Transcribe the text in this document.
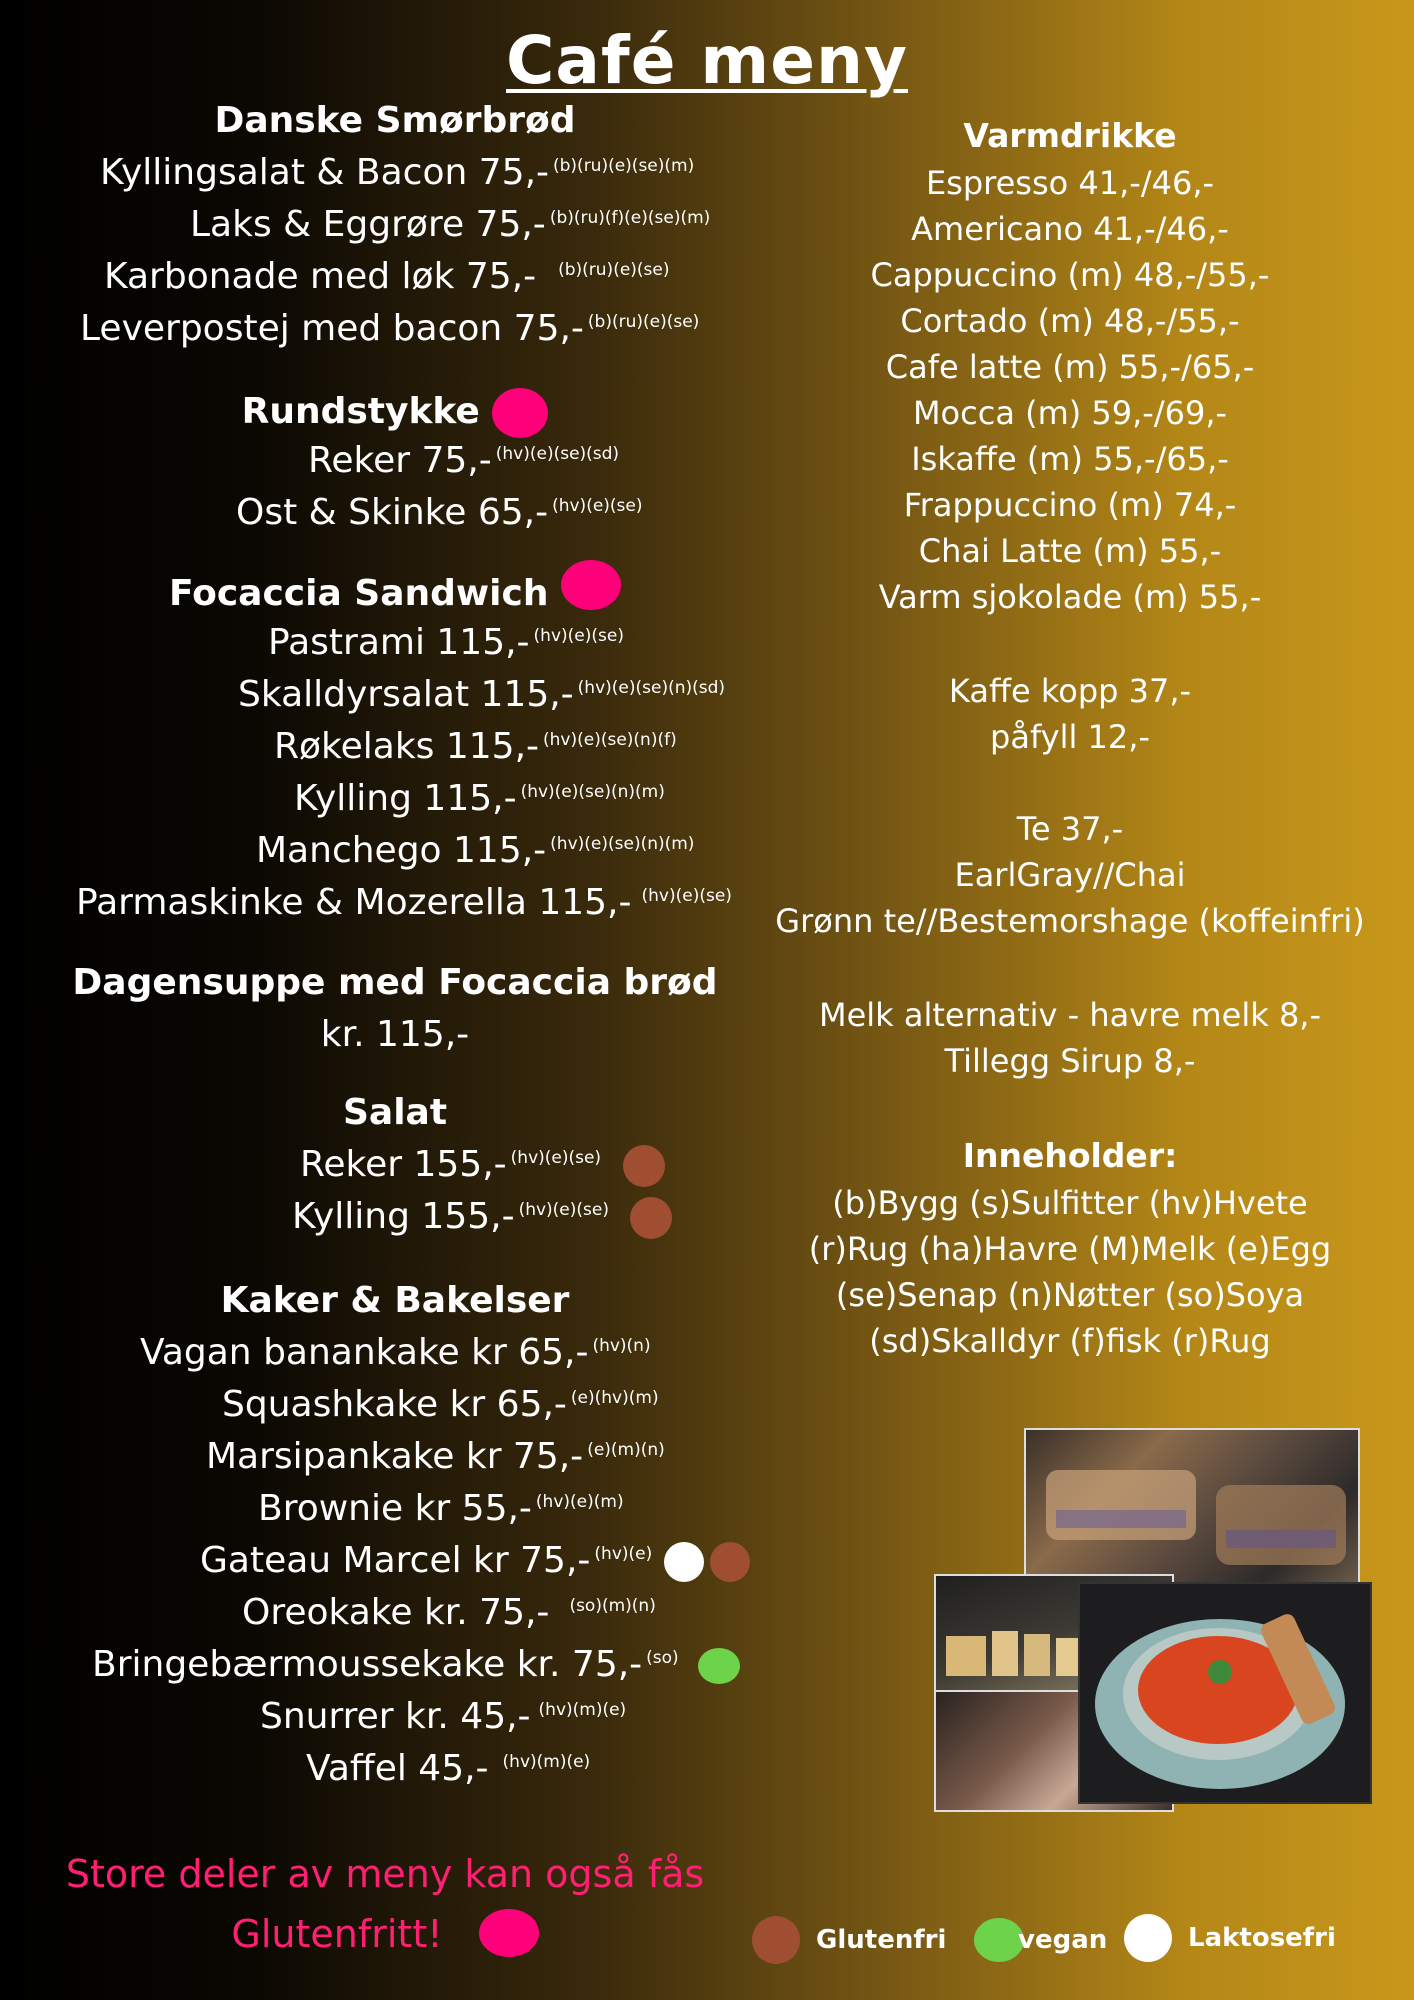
Café meny
Danske Smørbrød
Kyllingsalat & Bacon 75,- $^{(b)(ru)(e)(se)(m)}$
Laks & Eggrøre 75,- $^{(b)(ru)(f)(e)(se)(m)}$
Karbonade med løk 75,- $^{(b)(ru)(e)(se)}$
Leverpostej med bacon 75,- $^{(b)(ru)(e)(se)}$
Rundstykke
Reker 75,- $^{(hv)(e)(se)(sd)}$
Ost & Skinke 65,- $^{(hv)(e)(se)}$
Focaccia Sandwich
Pastrami 115,- $^{(hv)(e)(se)}$
Skalldyrsalat 115,- $^{(hv)(e)(se)(n)(sd)}$
Røkelaks 115,- $^{(hv)(e)(se)(n)(f)}$
Kylling 115,- $^{(hv)(e)(se)(n)(m)}$
Manchego 115,- $^{(hv)(e)(se)(n)(m)}$
Parmaskinke & Mozerella 115,- $^{(hv)(e)(se)}$
Dagensuppe med Focaccia brød
kr. 115,-
Salat
Reker 155,- $^{(hv)(e)(se)}$
Kylling 155,- $^{(hv)(e)(se)}$
Kaker & Bakelser
Vagan banankake kr 65,- $^{(hv)(n)}$
Squashkake kr 65,- $^{(e)(hv)(m)}$
Marsipankake kr 75,- $^{(e)(m)(n)}$
Brownie kr 55,- $^{(hv)(e)(m)}$
Gateau Marcel kr 75,- $^{(hv)(e)}$
Oreokake kr. 75,- $^{(so)(m)(n)}$
Bringebærmoussekake kr. 75,- $^{(so)}$
Snurrer kr. 45,- $^{(hv)(m)(e)}$
Vaffel 45,- $^{(hv)(m)(e)}$
Store deler av meny kan også fås
Glutenfritt!
Varmdrikke
Espresso 41,-/46,-
Americano 41,-/46,-
Cappuccino (m) 48,-/55,-
Cortado (m) 48,-/55,-
Cafe latte (m) 55,-/65,-
Mocca (m) 59,-/69,-
Iskaffe (m) 55,-/65,-
Frappuccino (m) 74,-
Chai Latte (m) 55,-
Varm sjokolade (m) 55,-
Kaffe kopp 37,-
påfyll 12,-
Te 37,-
EarlGray//Chai
Grønn te//Bestemorshage (koffeinfri)
Melk alternativ - havre melk 8,-
Tillegg Sirup 8,-
Inneholder:
(b)Bygg (s)Sulfitter (hv)Hvete
(r)Rug (ha)Havre (M)Melk (e)Egg
(se)Senap (n)Nøtter (so)Soya
(sd)Skalldyr (f)fisk (r)Rug
Glutenfri	vegan	Laktosefri
